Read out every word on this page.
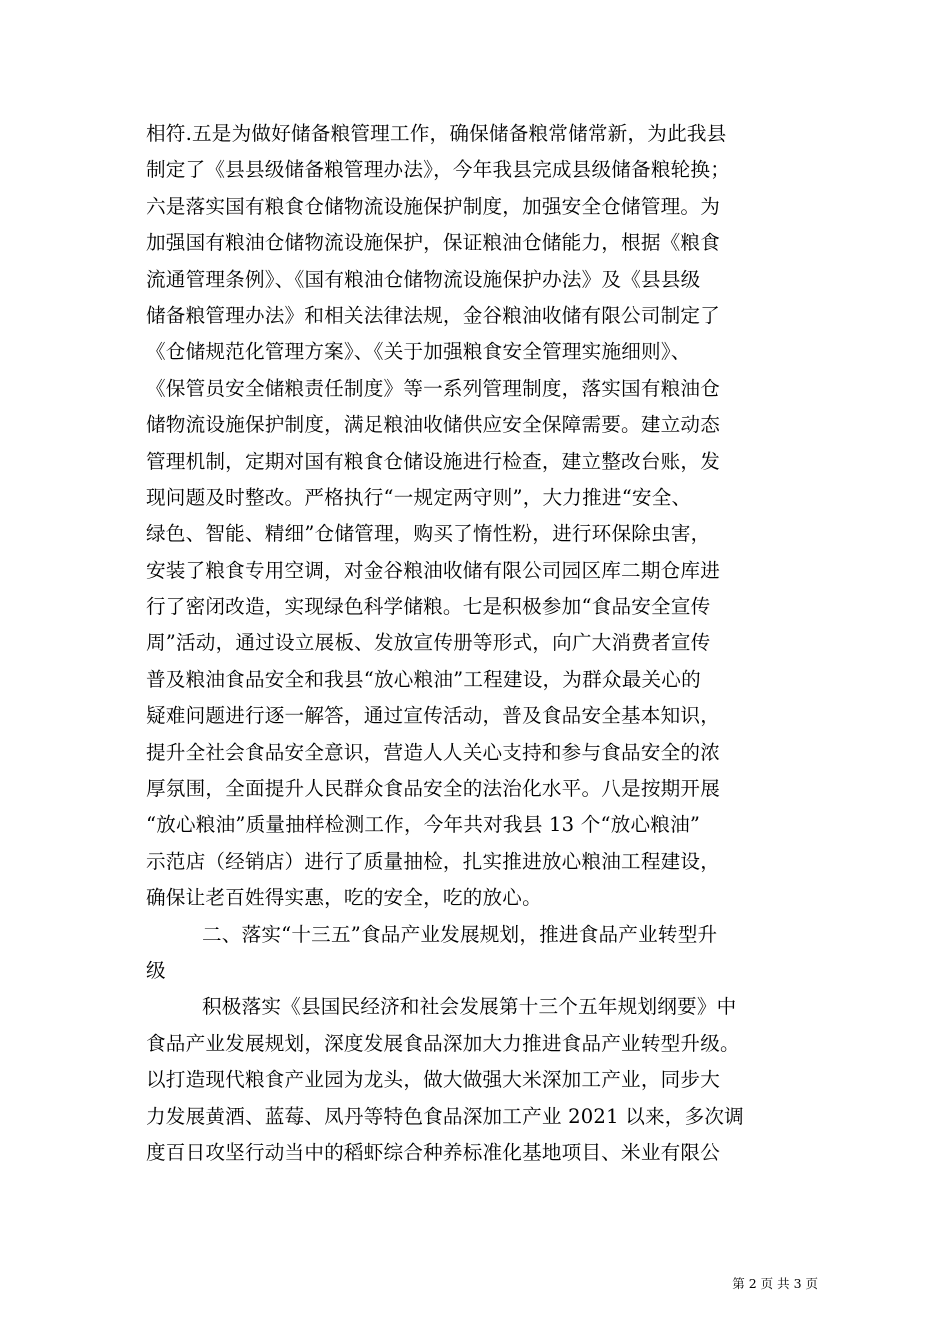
相符.五是为做好储备粮管理工作，确保储备粮常储常新，为此我县
制定了《县县级储备粮管理办法》，今年我县完成县级储备粮轮换；
六是落实国有粮食仓储物流设施保护制度，加强安全仓储管理。为
加强国有粮油仓储物流设施保护，保证粮油仓储能力，根据《粮食
流通管理条例》、《国有粮油仓储物流设施保护办法》及《县县级
储备粮管理办法》和相关法律法规，金谷粮油收储有限公司制定了
《仓储规范化管理方案》、《关于加强粮食安全管理实施细则》、
《保管员安全储粮责任制度》等一系列管理制度，落实国有粮油仓
储物流设施保护制度，满足粮油收储供应安全保障需要。建立动态
管理机制，定期对国有粮食仓储设施进行检查，建立整改台账，发
现问题及时整改。严格执行“一规定两守则”，大力推进“安全、
绿色、智能、精细”仓储管理，购买了惰性粉，进行环保除虫害，
安装了粮食专用空调，对金谷粮油收储有限公司园区库二期仓库进
行了密闭改造，实现绿色科学储粮。七是积极参加“食品安全宣传
周”活动，通过设立展板、发放宣传册等形式，向广大消费者宣传
普及粮油食品安全和我县“放心粮油”工程建设，为群众最关心的
疑难问题进行逐一解答，通过宣传活动，普及食品安全基本知识，
提升全社会食品安全意识，营造人人关心支持和参与食品安全的浓
厚氛围，全面提升人民群众食品安全的法治化水平。八是按期开展
“放心粮油”质量抽样检测工作，今年共对我县 13 个“放心粮油”
示范店（经销店）进行了质量抽检，扎实推进放心粮油工程建设，
确保让老百姓得实惠，吃的安全，吃的放心。
二、落实“十三五”食品产业发展规划，推进食品产业转型升
级
积极落实《县国民经济和社会发展第十三个五年规划纲要》中
食品产业发展规划，深度发展食品深加大力推进食品产业转型升级。
以打造现代粮食产业园为龙头，做大做强大米深加工产业，同步大
力发展黄酒、蓝莓、凤丹等特色食品深加工产业 2021 以来，多次调
度百日攻坚行动当中的稻虾综合种养标准化基地项目、米业有限公
第 2 页 共 3 页
